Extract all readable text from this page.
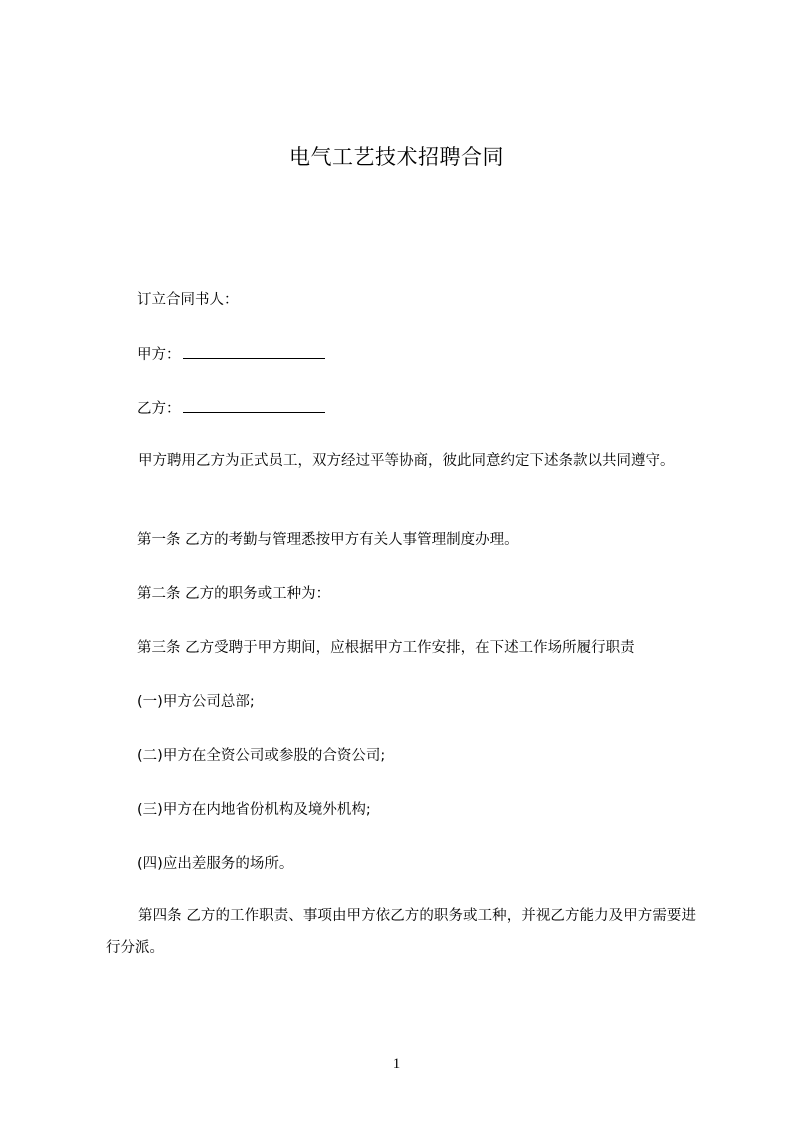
电气工艺技术招聘合同
订立合同书人：
甲方：
乙方：
甲方聘用乙方为正式员工，双方经过平等协商，彼此同意约定下述条款以共同遵守。
第一条 乙方的考勤与管理悉按甲方有关人事管理制度办理。
第二条 乙方的职务或工种为：
第三条 乙方受聘于甲方期间，应根据甲方工作安排，在下述工作场所履行职责
(一)甲方公司总部;
(二)甲方在全资公司或参股的合资公司;
(三)甲方在内地省份机构及境外机构;
(四)应出差服务的场所。
第四条 乙方的工作职责、事项由甲方依乙方的职务或工种，并视乙方能力及甲方需要进行分派。
1
